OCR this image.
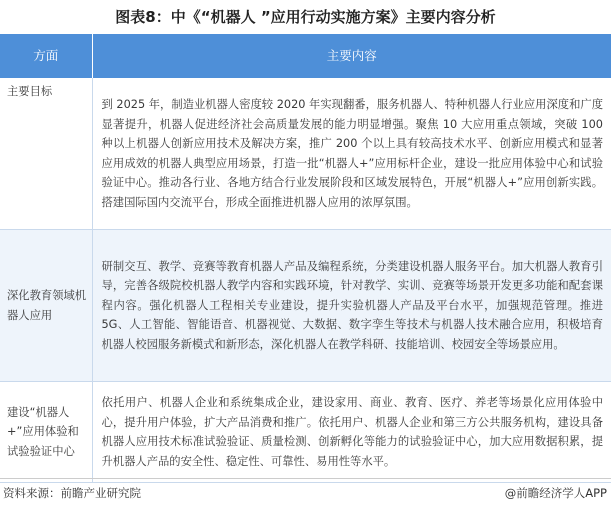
图表8：中《“机器人 ”应用行动实施方案》主要内容分析
方面	主要内容
主要目标	到 2025 年，制造业机器人密度较 2020 年实现翻番，服务机器人、特种机器人行业应用深度和广度显著提升，机器人促进经济社会高质量发展的能力明显增强。聚焦 10 大应用重点领域，突破 100 种以上机器人创新应用技术及解决方案，推广 200 个以上具有较高技术水平、创新应用模式和显著应用成效的机器人典型应用场景，打造一批“机器人+”应用标杆企业，建设一批应用体验中心和试验验证中心。推动各行业、各地方结合行业发展阶段和区域发展特色，开展“机器人+”应用创新实践。搭建国际国内交流平台，形成全面推进机器人应用的浓厚氛围。
深化教育领域机器人应用	研制交互、教学、竞赛等教育机器人产品及编程系统，分类建设机器人服务平台。加大机器人教育引导，完善各级院校机器人教学内容和实践环境，针对教学、实训、竞赛等场景开发更多功能和配套课程内容。强化机器人工程相关专业建设，提升实验机器人产品及平台水平，加强规范管理。推进 5G、人工智能、智能语音、机器视觉、大数据、数字孪生等技术与机器人技术融合应用，积极培育机器人校园服务新模式和新形态，深化机器人在教学科研、技能培训、校园安全等场景应用。
建设“机器人+”应用体验和试验验证中心	依托用户、机器人企业和系统集成企业，建设家用、商业、教育、医疗、养老等场景化应用体验中心，提升用户体验，扩大产品消费和推广。依托用户、机器人企业和第三方公共服务机构，建设具备机器人应用技术标准试验验证、质量检测、创新孵化等能力的试验验证中心，加大应用数据积累，提升机器人产品的安全性、稳定性、可靠性、易用性等水平。
资料来源：前瞻产业研究院	@前瞻经济学人APP
